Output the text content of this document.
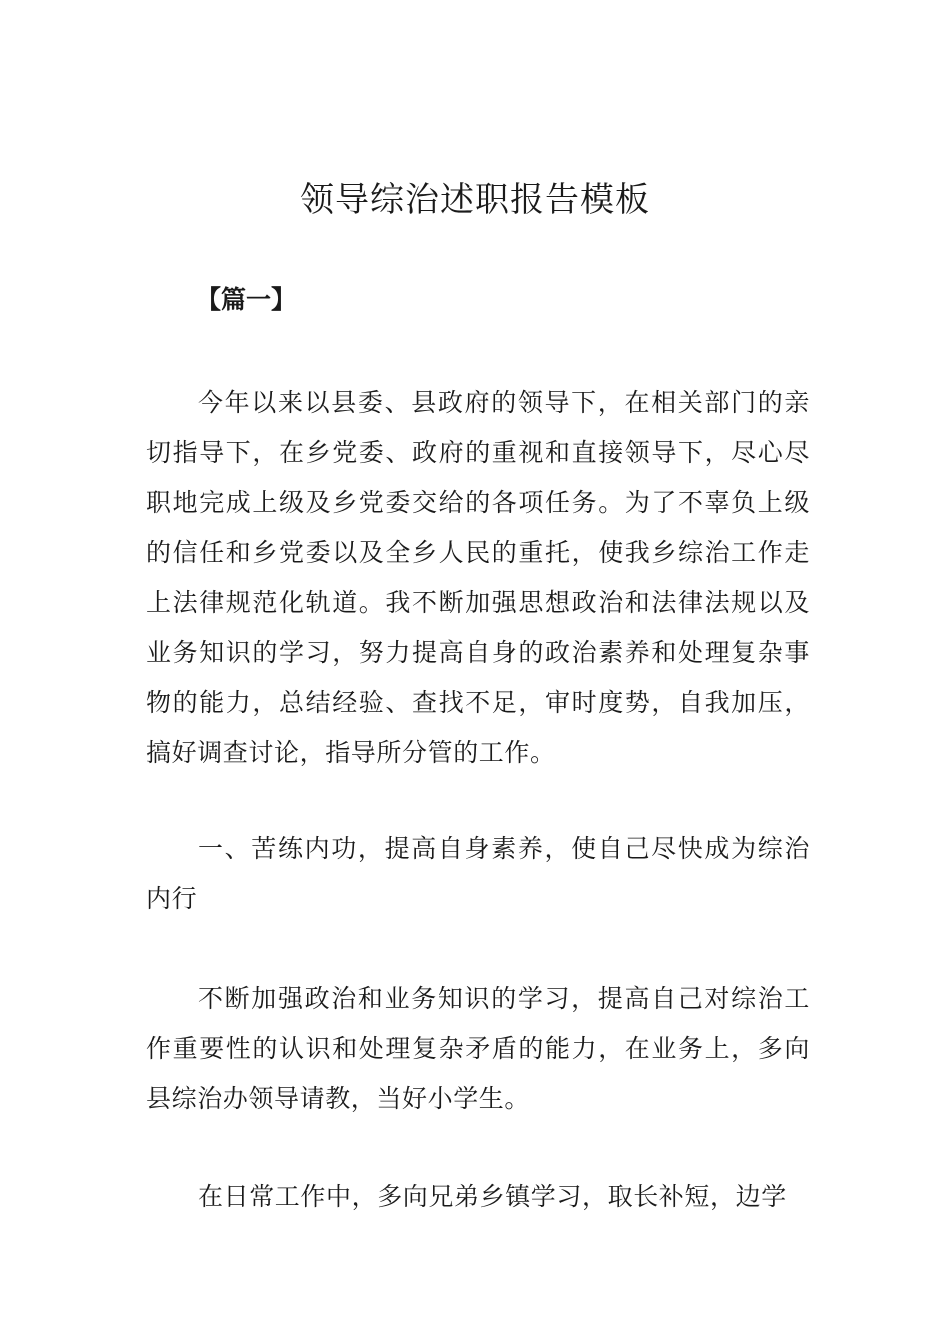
领导综治述职报告模板

【篇一】

今年以来以县委、县政府的领导下，在相关部门的亲切指导下，在乡党委、政府的重视和直接领导下，尽心尽职地完成上级及乡党委交给的各项任务。为了不辜负上级的信任和乡党委以及全乡人民的重托，使我乡综治工作走上法律规范化轨道。我不断加强思想政治和法律法规以及业务知识的学习，努力提高自身的政治素养和处理复杂事物的能力，总结经验、查找不足，审时度势，自我加压，搞好调查讨论，指导所分管的工作。

一、苦练内功，提高自身素养，使自己尽快成为综治内行

不断加强政治和业务知识的学习，提高自己对综治工作重要性的认识和处理复杂矛盾的能力，在业务上，多向县综治办领导请教，当好小学生。

在日常工作中，多向兄弟乡镇学习，取长补短，边学
